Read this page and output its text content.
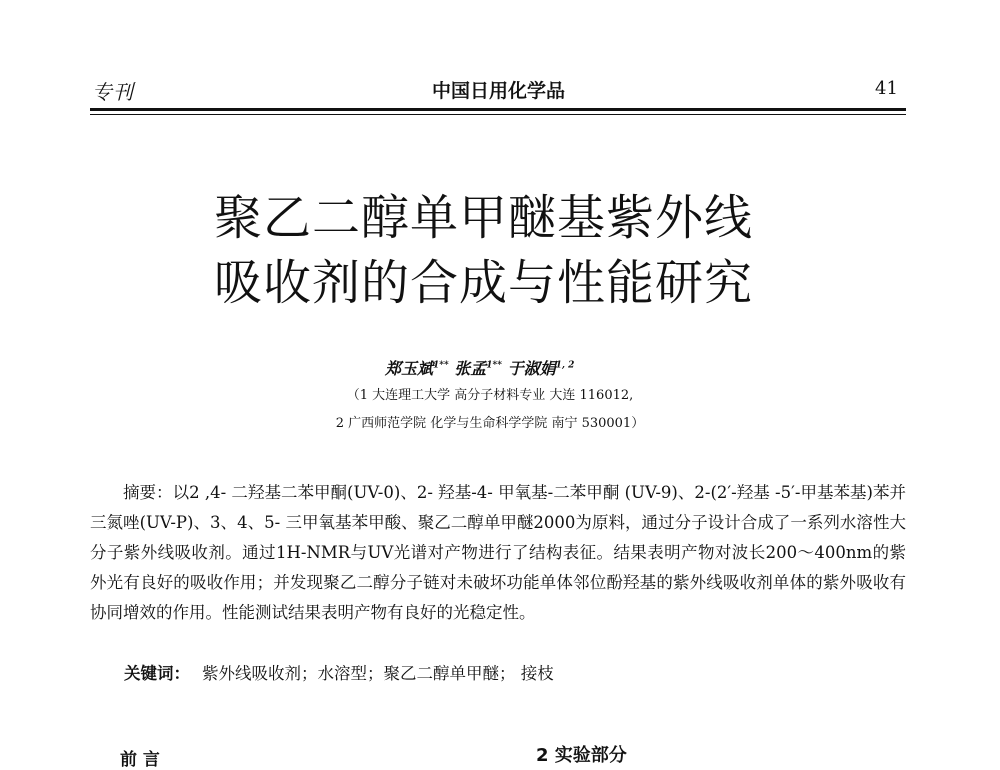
专刊	中国日用化学品	41
聚乙二醇单甲醚基紫外线
吸收剂的合成与性能研究
郑玉斌$^{1**}$ 张孟$^{1**}$ 于淑娟$^{1, 2}$
（1 大连理工大学 高分子材料专业 大连 116012,
2 广西师范学院 化学与生命科学学院 南宁 530001）
摘要：以2 ,4- 二羟基二苯甲酮(UV-0)、2- 羟基-4- 甲氧基-二苯甲酮 (UV-9)、2-(2′-羟基 -5′-甲基苯基)苯并三氮唑(UV-P)、3、4、5- 三甲氧基苯甲酸、聚乙二醇单甲醚2000为原料，通过分子设计合成了一系列水溶性大分子紫外线吸收剂。通过1H-NMR与UV光谱对产物进行了结构表征。结果表明产物对波长200～400nm的紫外光有良好的吸收作用；并发现聚乙二醇分子链对未破坏功能单体邻位酚羟基的紫外线吸收剂单体的紫外吸收有协同增效的作用。性能测试结果表明产物有良好的光稳定性。
关键词： 紫外线吸收剂；水溶型；聚乙二醇单甲醚； 接枝
前 言	2 实验部分
